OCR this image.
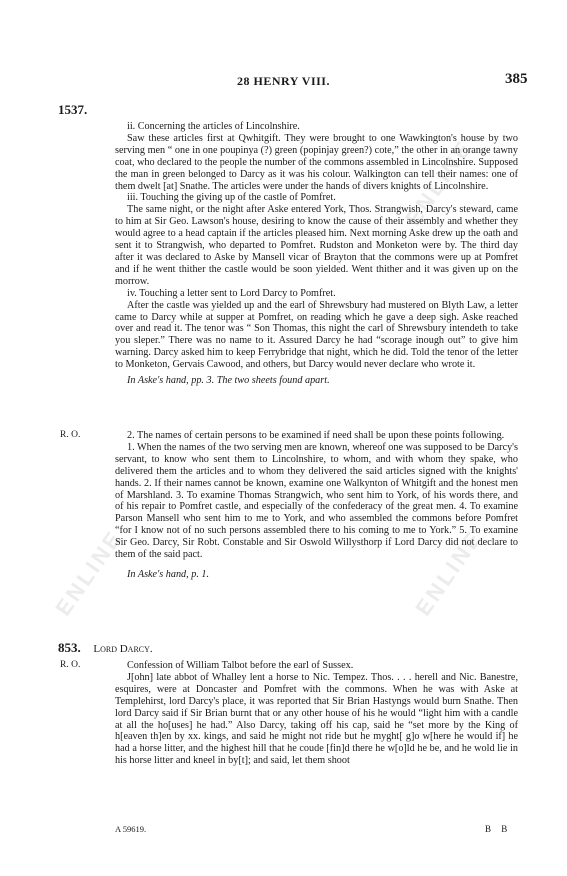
ENLINE
ENLINE
ENLINE
28 HENRY VIII.	385
1537.

ii. Concerning the articles of Lincolnshire.

Saw these articles first at Qwhitgift. They were brought to one Wawkington's house by two serving men “ one in one poupinya (?) green (popinjay green?) cote,” the other in an orange tawny coat, who declared to the people the number of the commons assembled in Lincolnshire. Supposed the man in green belonged to Darcy as it was his colour. Walkington can tell their names: one of them dwelt [at] Snathe. The articles were under the hands of divers knights of Lincolnshire.

iii. Touching the giving up of the castle of Pomfret.

The same night, or the night after Aske entered York, Thos. Strangwish, Darcy's steward, came to him at Sir Geo. Lawson's house, desiring to know the cause of their assembly and whether they would agree to a head captain if the articles pleased him. Next morning Aske drew up the oath and sent it to Strangwish, who departed to Pomfret. Rudston and Monketon were by. The third day after it was declared to Aske by Mansell vicar of Brayton that the commons were up at Pomfret and if he went thither the castle would be soon yielded. Went thither and it was given up on the morrow.

iv. Touching a letter sent to Lord Darcy to Pomfret.

After the castle was yielded up and the earl of Shrewsbury had mustered on Blyth Law, a letter came to Darcy while at supper at Pomfret, on reading which he gave a deep sigh. Aske reached over and read it. The tenor was “ Son Thomas, this night the carl of Shrewsbury intendeth to take you sleper.” There was no name to it. Assured Darcy he had “scorage inough out” to give him warning. Darcy asked him to keep Ferrybridge that night, which he did. Told the tenor of the letter to Monketon, Gervais Cawood, and others, but Darcy would never declare who wrote it.

In Aske's hand, pp. 3. The two sheets found apart.

R. O.	2. The names of certain persons to be examined if need shall be upon these points following.

1. When the names of the two serving men are known, whereof one was supposed to be Darcy's servant, to know who sent them to Lincolnshire, to whom, and with whom they spake, who delivered them the articles and to whom they delivered the said articles signed with the knights' hands. 2. If their names cannot be known, examine one Walkynton of Whitgift and the honest men of Marshland. 3. To examine Thomas Strangwich, who sent him to York, of his words there, and of his repair to Pomfret castle, and especially of the confederacy of the great men. 4. To examine Parson Mansell who sent him to me to York, and who assembled the commons before Pomfret “for I know not of no such persons assembled there to his coming to me to York.” 5. To examine Sir Geo. Darcy, Sir Robt. Constable and Sir Oswold Willysthorp if Lord Darcy did not declare to them of the said pact.

In Aske's hand, p. 1.

853. Lord Darcy.
R. O.	Confession of William Talbot before the earl of Sussex.

J[ohn] late abbot of Whalley lent a horse to Nic. Tempez. Thos. . . . herell and Nic. Banestre, esquires, were at Doncaster and Pomfret with the commons. When he was with Aske at Templehirst, lord Darcy's place, it was reported that Sir Brian Hastyngs would burn Snathe. Then lord Darcy said if Sir Brian burnt that or any other house of his he would “light him with a candle at all the ho[uses] he had.” Also Darcy, taking off his cap, said he “set more by the King of h[eaven th]en by xx. kings, and said he might not ride but he myght[ g]o w[here he would if] he had a horse litter, and the highest hill that he coude [fin]d there he w[o]ld he be, and he wold lie in his horse litter and kneel in by[t]; and said, let them shoot

A 59619.	B B
